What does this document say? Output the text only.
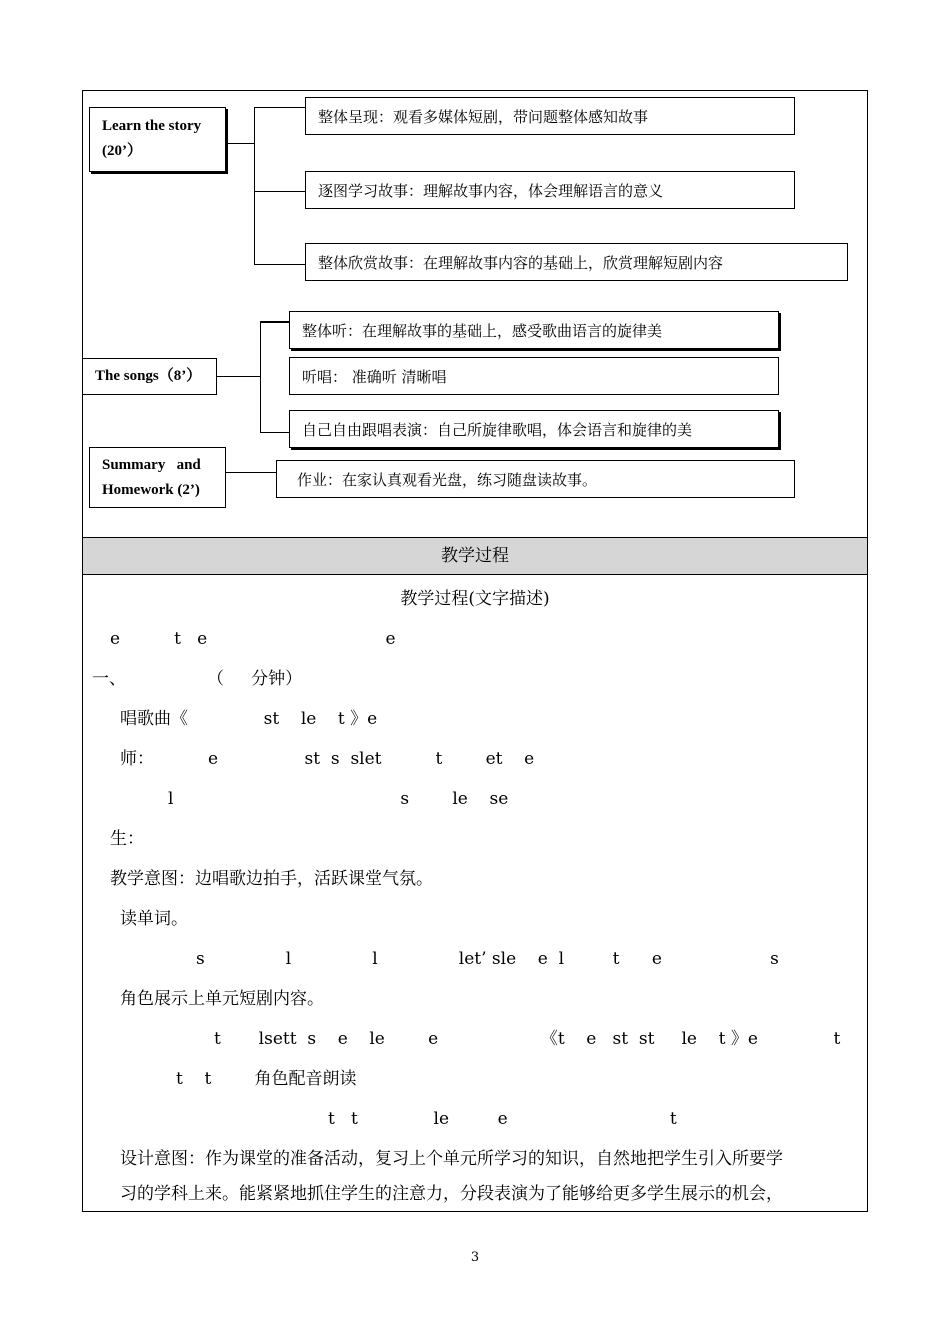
Learn the story
(20’）
整体呈现：观看多媒体短剧，带问题整体感知故事
逐图学习故事：理解故事内容，体会理解语言的意义
整体欣赏故事：在理解故事内容的基础上，欣赏理解短剧内容
The songs（8’）
整体听：在理解故事的基础上，感受歌曲语言的旋律美
听唱： 准确听 清晰唱
自己自由跟唱表演：自己所旋律歌唱，体会语言和旋律的美
Summary   and
Homework (2’)
作业：在家认真观看光盘，练习随盘读故事。
教学过程
教学过程(文字描述)
e          t   e                                 e
一、               （     分钟）
唱歌曲《              st    le    t 》e
师：          e                st  s  slet          t        et    e
l                                          s        le    se
生：
教学意图：边唱歌边拍手，活跃课堂气氛。
读单词。
s               l               l               let’ sle    e  l         t      e                    s
角色展示上单元短剧内容。
t       lsett  s    e    le        e                   《t    e   st  st     le    t 》e              t
t    t        角色配音朗读
t   t              le         e                              t
设计意图：作为课堂的准备活动，复习上个单元所学习的知识，自然地把学生引入所要学
习的学科上来。能紧紧地抓住学生的注意力，分段表演为了能够给更多学生展示的机会，
3
